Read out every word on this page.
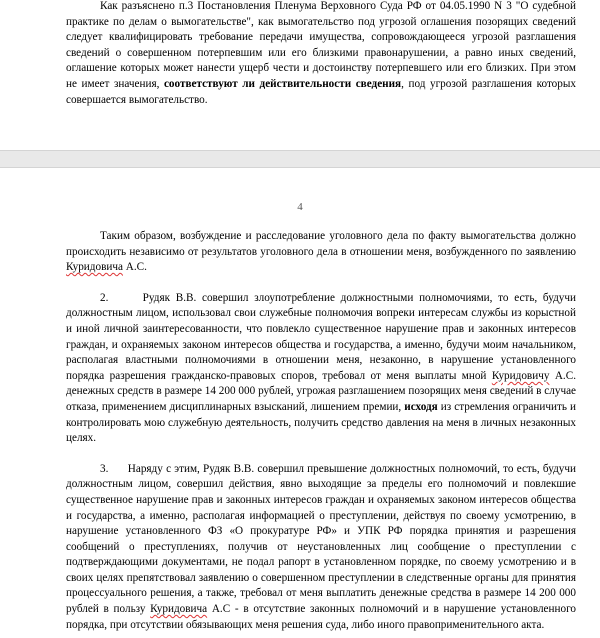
Как разъяснено п.3 Постановления Пленума Верховного Суда РФ от 04.05.1990 N 3 "О судебной практике по делам о вымогательстве", как вымогательство под угрозой оглашения позорящих сведений следует квалифицировать требование передачи имущества, сопровождающееся угрозой разглашения сведений о совершенном потерпевшим или его близкими правонарушении, а равно иных сведений, оглашение которых может нанести ущерб чести и достоинству потерпевшего или его близких. При этом не имеет значения, соответствуют ли действительности сведения, под угрозой разглашения которых совершается вымогательство.

4

Таким образом, возбуждение и расследование уголовного дела по факту вымогательства должно происходить независимо от результатов уголовного дела в отношении меня, возбужденного по заявлению Куридовича А.С.

2.      Рудяк В.В. совершил злоупотребление должностными полномочиями, то есть, будучи должностным лицом, использовал свои служебные полномочия вопреки интересам службы из корыстной и иной личной заинтересованности, что повлекло существенное нарушение прав и законных интересов граждан, и охраняемых законом интересов общества и государства, а именно, будучи моим начальником, располагая властными полномочиями в отношении меня, незаконно, в нарушение установленного порядка разрешения гражданско-правовых споров, требовал от меня выплаты мной Куридовичу А.С. денежных средств в размере 14 200 000 рублей, угрожая разглашением позорящих меня сведений в случае отказа, применением дисциплинарных взысканий, лишением премии, исходя из стремления ограничить и контролировать мою служебную деятельность, получить средство давления на меня в личных незаконных целях.

3.      Наряду с этим, Рудяк В.В. совершил превышение должностных полномочий, то есть, будучи должностным лицом, совершил действия, явно выходящие за пределы его полномочий и повлекшие существенное нарушение прав и законных интересов граждан и охраняемых законом интересов общества и государства, а именно, располагая информацией о преступлении, действуя по своему усмотрению, в нарушение установленного ФЗ «О прокуратуре РФ» и УПК РФ порядка принятия и разрешения сообщений о преступлениях, получив от неустановленных лиц сообщение о преступлении с подтверждающими документами, не подал рапорт в установленном порядке, по своему усмотрению и в своих целях препятствовал заявлению о совершенном преступлении в следственные органы для принятия процессуального решения, а также, требовал от меня выплатить денежные средства в размере 14 200 000 рублей в пользу Куридовича А.С - в отсутствие законных полномочий и в нарушение установленного порядка, при отсутствии обязывающих меня решения суда, либо иного правоприменительного акта.
